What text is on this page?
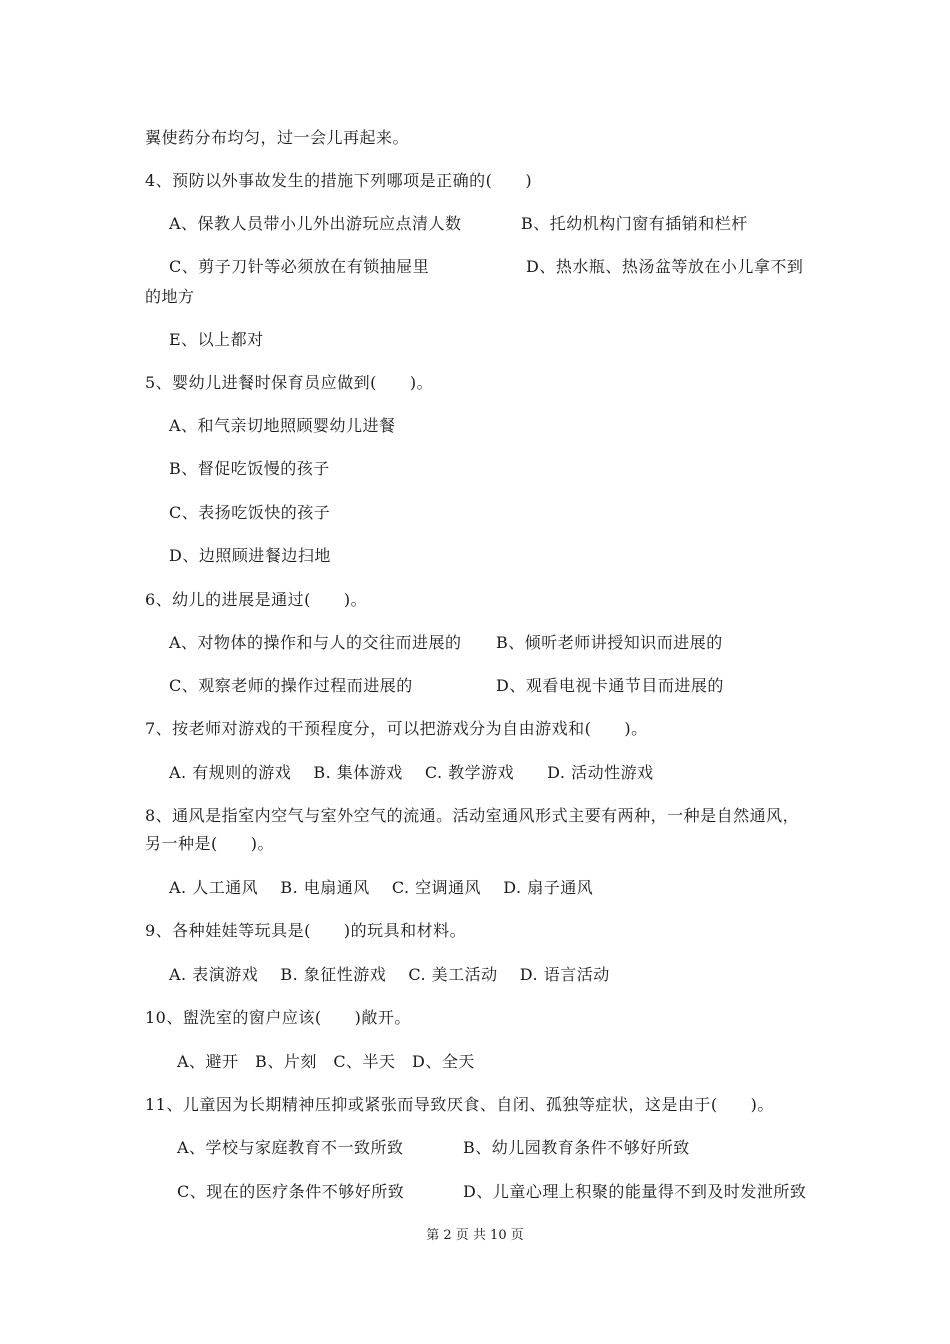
翼使药分布均匀，过一会儿再起来。
4、预防以外事故发生的措施下列哪项是正确的(　　)
A、保教人员带小儿外出游玩应点清人数	B、托幼机构门窗有插销和栏杆
C、剪子刀针等必须放在有锁抽屉里	D、热水瓶、热汤盆等放在小儿拿不到
的地方
E、以上都对
5、婴幼儿进餐时保育员应做到(　　)。
A、和气亲切地照顾婴幼儿进餐
B、督促吃饭慢的孩子
C、表扬吃饭快的孩子
D、边照顾进餐边扫地
6、幼儿的进展是通过(　　)。
A、对物体的操作和与人的交往而进展的 B、倾听老师讲授知识而进展的
C、观察老师的操作过程而进展的	D、观看电视卡通节目而进展的
7、按老师对游戏的干预程度分，可以把游戏分为自由游戏和(　　)。
A. 有规则的游戏　 B. 集体游戏　 C. 教学游戏　　D. 活动性游戏
8、通风是指室内空气与室外空气的流通。活动室通风形式主要有两种，一种是自然通风，
另一种是(　　)。
A. 人工通风　 B. 电扇通风　 C. 空调通风　 D. 扇子通风
9、各种娃娃等玩具是(　　)的玩具和材料。
A. 表演游戏　 B. 象征性游戏　 C. 美工活动　 D. 语言活动
10、盥洗室的窗户应该(　　)敞开。
A、避开　B、片刻　C、半天　D、全天
11、儿童因为长期精神压抑或紧张而导致厌食、自闭、孤独等症状，这是由于(　　)。
A、学校与家庭教育不一致所致	B、幼儿园教育条件不够好所致
C、现在的医疗条件不够好所致	D、儿童心理上积聚的能量得不到及时发泄所致
第 2 页 共 10 页
